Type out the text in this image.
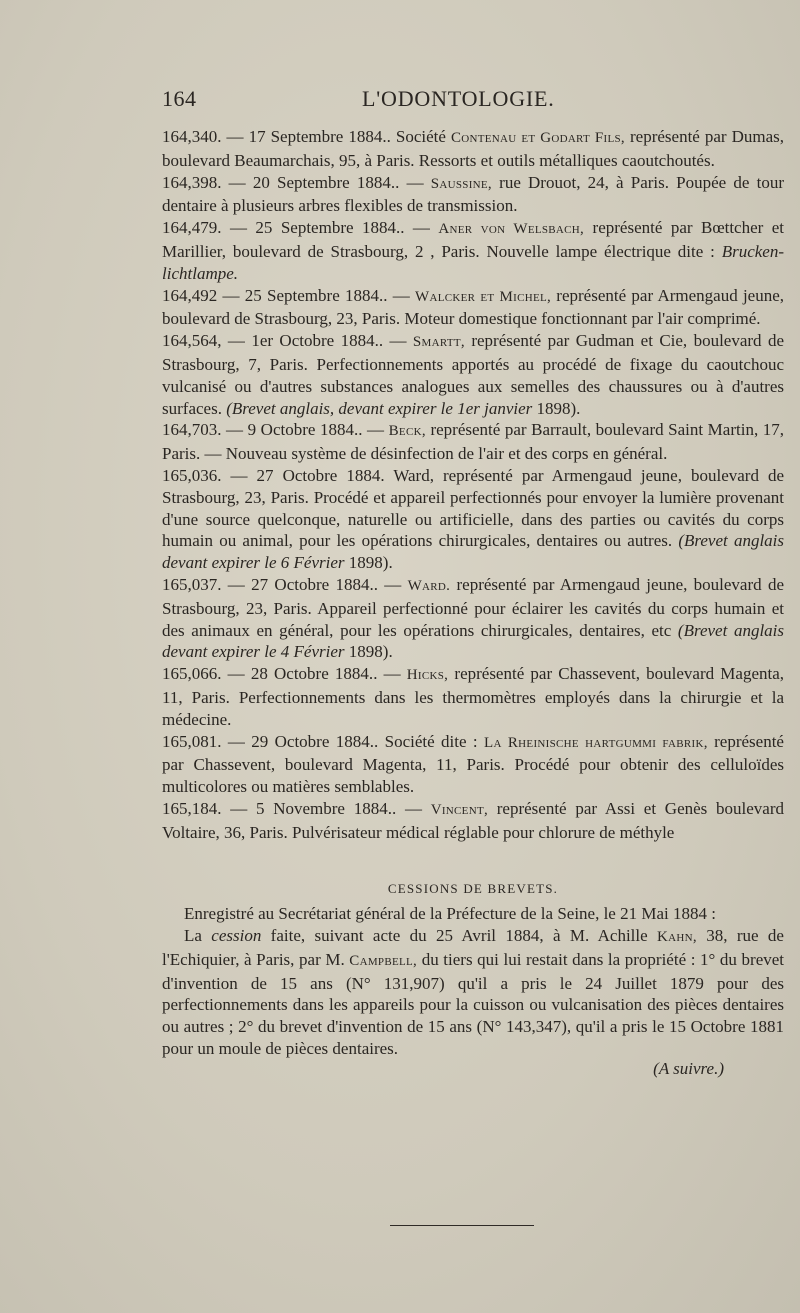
164	L'ODONTOLOGIE.

164,340. — 17 Septembre 1884.. Société Contenau et Godart Fils, représenté par Dumas, boulevard Beaumarchais, 95, à Paris. Ressorts et outils métalliques caoutchoutés.

164,398. — 20 Septembre 1884.. — Saussine, rue Drouot, 24, à Paris. Poupée de tour dentaire à plusieurs arbres flexibles de transmission.

164,479. — 25 Septembre 1884.. — Aner von Welsbach, représenté par Bœttcher et Marillier, boulevard de Strasbourg, 2 , Paris. Nouvelle lampe électrique dite : Brucken-lichtlampe.

164,492 — 25 Septembre 1884.. — Walcker et Michel, représenté par Armengaud jeune, boulevard de Strasbourg, 23, Paris. Moteur domestique fonctionnant par l'air comprimé.

164,564, — 1er Octobre 1884.. — Smartt, représenté par Gudman et Cie, boulevard de Strasbourg, 7, Paris. Perfectionnements apportés au procédé de fixage du caoutchouc vulcanisé ou d'autres substances analogues aux semelles des chaussures ou à d'autres surfaces. (Brevet anglais, devant expirer le 1er janvier 1898).

164,703. — 9 Octobre 1884.. — Beck, représenté par Barrault, boulevard Saint Martin, 17, Paris. — Nouveau système de désinfection de l'air et des corps en général.

165,036. — 27 Octobre 1884. Ward, représenté par Armengaud jeune, boulevard de Strasbourg, 23, Paris. Procédé et appareil perfectionnés pour envoyer la lumière provenant d'une source quelconque, naturelle ou artificielle, dans des parties ou cavités du corps humain ou animal, pour les opérations chirurgicales, dentaires ou autres. (Brevet anglais devant expirer le 6 Février 1898).

165,037. — 27 Octobre 1884.. — Ward. représenté par Armengaud jeune, boulevard de Strasbourg, 23, Paris. Appareil perfectionné pour éclairer les cavités du corps humain et des animaux en général, pour les opérations chirurgicales, dentaires, etc (Brevet anglais devant expirer le 4 Février 1898).

165,066. — 28 Octobre 1884.. — Hicks, représenté par Chassevent, boulevard Magenta, 11, Paris. Perfectionnements dans les thermomètres employés dans la chirurgie et la médecine.

165,081. — 29 Octobre 1884.. Société dite : La Rheinische hartgummi fabrik, représenté par Chassevent, boulevard Magenta, 11, Paris. Procédé pour obtenir des celluloïdes multicolores ou matières semblables.

165,184. — 5 Novembre 1884.. — Vincent, représenté par Assi et Genès boulevard Voltaire, 36, Paris. Pulvérisateur médical réglable pour chlorure de méthyle

CESSIONS DE BREVETS.

Enregistré au Secrétariat général de la Préfecture de la Seine, le 21 Mai 1884 :

La cession faite, suivant acte du 25 Avril 1884, à M. Achille Kahn, 38, rue de l'Echiquier, à Paris, par M. Campbell, du tiers qui lui restait dans la propriété : 1° du brevet d'invention de 15 ans (N° 131,907) qu'il a pris le 24 Juillet 1879 pour des perfectionnements dans les appareils pour la cuisson ou vulcanisation des pièces dentaires ou autres ; 2° du brevet d'invention de 15 ans (N° 143,347), qu'il a pris le 15 Octobre 1881 pour un moule de pièces dentaires.

(A suivre.)
